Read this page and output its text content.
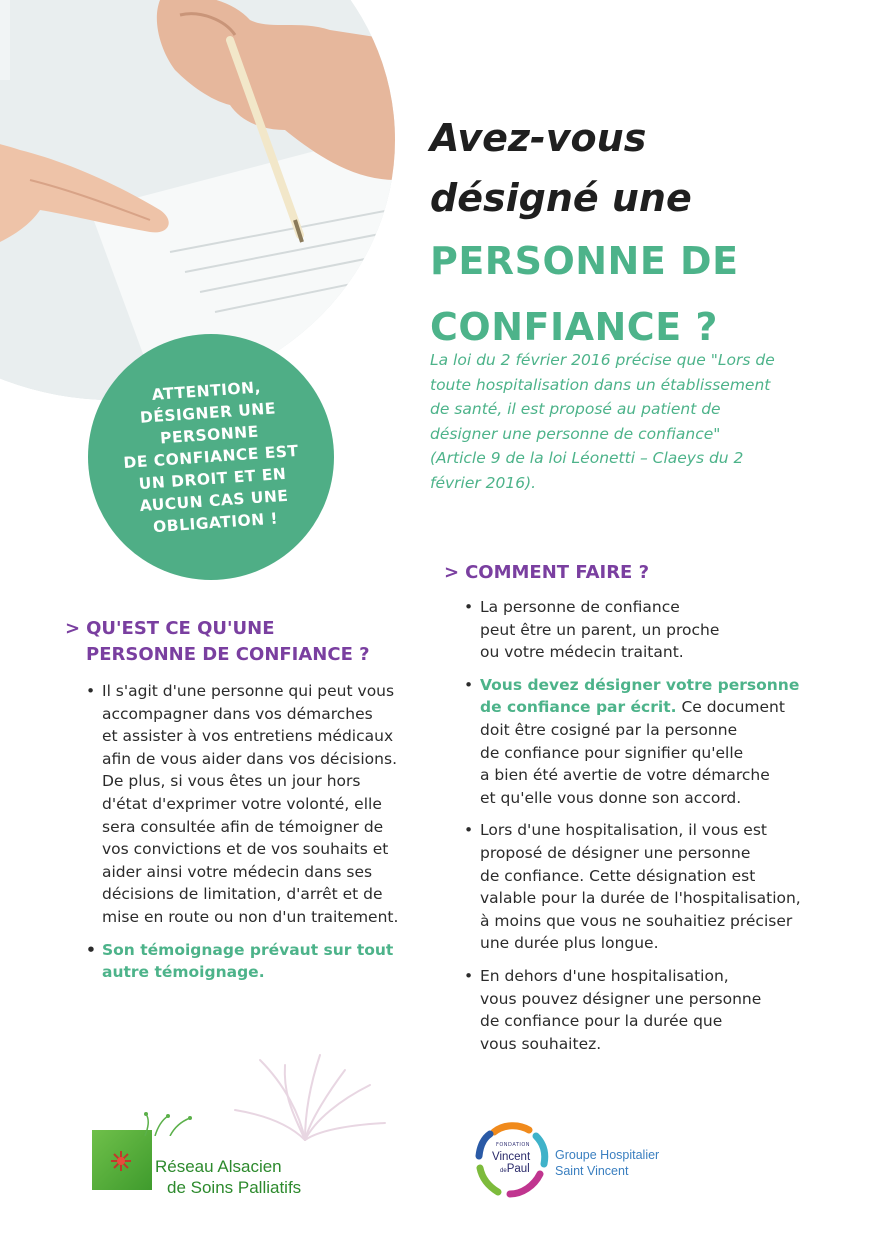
Avez-vous
désigné une
PERSONNE DE
CONFIANCE ?
La loi du 2 février 2016 précise que "Lors de toute hospitalisation dans un établissement de santé, il est proposé au patient de désigner une personne de confiance" (Article 9 de la loi Léonetti – Claeys du 2 février 2016).
ATTENTION,
DÉSIGNER UNE
PERSONNE
DE CONFIANCE EST
UN DROIT ET EN
AUCUN CAS UNE
OBLIGATION !
> QU'EST CE QU'UNE
PERSONNE DE CONFIANCE ?
• Il s'agit d'une personne qui peut vous
accompagner dans vos démarches
et assister à vos entretiens médicaux
afin de vous aider dans vos décisions.
De plus, si vous êtes un jour hors
d'état d'exprimer votre volonté, elle
sera consultée afin de témoigner de
vos convictions et de vos souhaits et
aider ainsi votre médecin dans ses
décisions de limitation, d'arrêt et de
mise en route ou non d'un traitement.
• Son témoignage prévaut sur tout
autre témoignage.
> COMMENT FAIRE ?
• La personne de confiance
peut être un parent, un proche
ou votre médecin traitant.
• Vous devez désigner votre personne
de confiance par écrit. Ce document
doit être cosigné par la personne
de confiance pour signifier qu'elle
a bien été avertie de votre démarche
et qu'elle vous donne son accord.
• Lors d'une hospitalisation, il vous est
proposé de désigner une personne
de confiance. Cette désignation est
valable pour la durée de l'hospitalisation,
à moins que vous ne souhaitiez préciser
une durée plus longue.
• En dehors d'une hospitalisation,
vous pouvez désigner une personne
de confiance pour la durée que
vous souhaitez.
Réseau Alsacien
de Soins Palliatifs
FONDATION
Vincent
dePaul
Groupe Hospitalier
Saint Vincent
